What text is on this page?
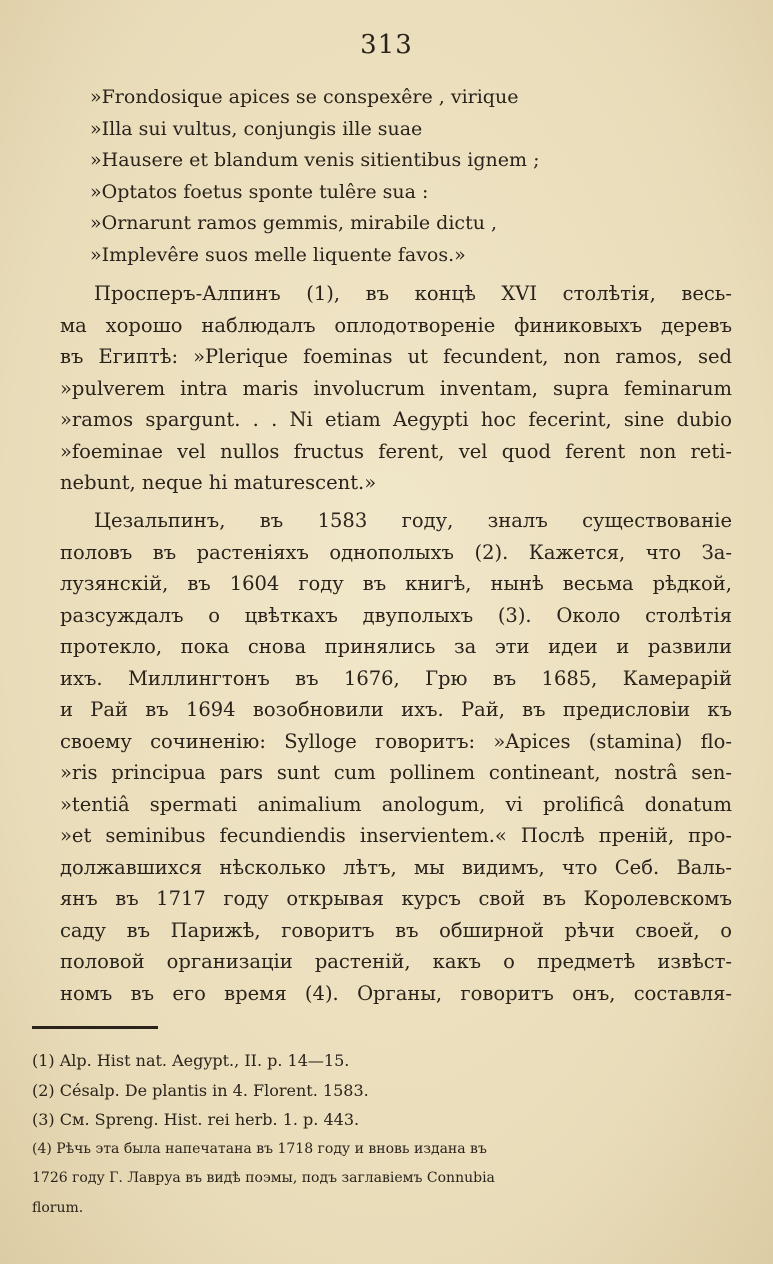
313
»Frondosique apices se conspexêre , virique
»Illa sui vultus, conjungis ille suae
»Hausere et blandum venis sitientibus ignem ;
»Optatos foetus sponte tulêre sua :
»Ornarunt ramos gemmis, mirabile dictu ,
»Implevêre suos melle liquente favos.»
Просперъ-Алпинъ (1), въ концѣ XVI столѣтія, весь-
ма хорошо наблюдалъ оплодотвореніе финиковыхъ деревъ
въ Египтѣ: »Plerique foeminas ut fecundent, non ramos, sed
»pulverem intra maris involucrum inventam, supra feminarum
»ramos spargunt. . . Ni etiam Aegypti hoc fecerint, sine dubio
»foeminae vel nullos fructus ferent, vel quod ferent non reti-
nebunt, neque hi maturescent.»
Цезальпинъ, въ 1583 году, зналъ существованіе
половъ въ растеніяхъ однополыхъ (2). Кажется, что За-
лузянскій, въ 1604 году въ книгѣ, нынѣ весьма рѣдкой,
разсуждалъ о цвѣткахъ двуполыхъ (3). Около столѣтія
протекло, пока снова принялись за эти идеи и развили
ихъ. Миллингтонъ въ 1676, Грю въ 1685, Камерарій
и Рай въ 1694 возобновили ихъ. Рай, въ предисловіи къ
своему сочиненію: Sylloge говоритъ: »Apices (stamina) flo-
»ris principua pars sunt cum pollinem contineant, nostrâ sen-
»tentiâ spermati animalium anologum, vi prolificâ donatum
»et seminibus fecundiendis inservientem.« Послѣ преній, про-
должавшихся нѣсколько лѣтъ, мы видимъ, что Себ. Валь-
янъ въ 1717 году открывая курсъ свой въ Королевскомъ
саду въ Парижѣ, говоритъ въ обширной рѣчи своей, о
половой организаціи растеній, какъ о предметѣ извѣст-
номъ въ его время (4). Органы, говоритъ онъ, составля-
(1) Alp. Hist nat. Aegypt., II. p. 14—15.
(2) Césalp. De plantis in 4. Florent. 1583.
(3) См. Spreng. Hist. rei herb. 1. p. 443.
(4) Рѣчь эта была напечатана въ 1718 году и вновь издана въ
1726 году Г. Лавруа въ видѣ поэмы, подъ заглавіемъ Connubia
florum.
